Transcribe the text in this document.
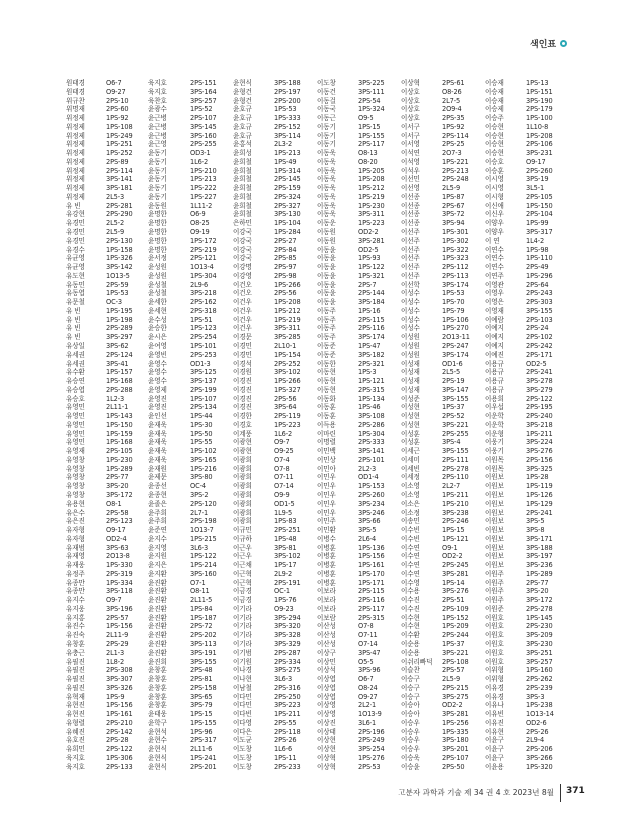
색인표
원태경	O6-7	육지호	2PS-151 윤현식	3PS-188 이도창	3PS-225 이상혁	2PS-61	이승재	1PS-13
원태경	O9-27	육지호	3PS-164 윤형건	2PS-197 이동건	3PS-111 이상호	O8-26	이승재	1PS-151
위규찬	2PS-10	육찬호	3PS-257 윤형건	2PS-200 이동걸	2PS-54	이상호	2L7-5	이승재	3PS-190
위명재	2PS-60	윤광수	1PS-52	윤호규	1PS-53	이동국	1PS-324 이상호	2O9-4	이승제	2PS-179
위정제	1PS-92	윤근병	2PS-107 윤호규	1PS-333 이동근	O9-5	이상호	2PS-35	이승주	1PS-100
위정제	1PS-108 윤근병	3PS-145 윤호규	2PS-152 이동기	1PS-15	이서구	1PS-92	이승현	1L10-8
위정제	1PS-249 윤근병	3PS-160 윤호규	3PS-114 이동기	1PS-155 이서구	2PS-114 이승현	1PS-208
위정제	1PS-251 윤근영	2PS-255 윤홍석	2L3-2	이동기	2PS-117 이서영	2PS-25	이승현	2PS-106
위정제	1PS-252 윤동기	OD3-1	윤희성	1PS-213 이동욱	O8-13	이석연	2O7-3	이승현	3PS-231
위정제	2PS-89	윤동기	1L6-2	윤희철	1PS-49	이동욱	O8-20	이석영	1PS-221 이승호	O9-17
위정제	2PS-114 윤동기	1PS-210 윤희철	1PS-314 이동욱	1PS-205 이석우	2PS-213 이승훈	2PS-260
위정제	3PS-141 윤동기	1PS-213 윤희철	2PS-145 이동욱	1PS-208 이선민	2PS-248 이시영	3PS-19
위정제	3PS-181 윤동기	1PS-222 윤희철	2PS-159 이동욱	1PS-212 이선영	2L5-9	이시영	3L5-1
위정제	2L5-3	윤동기	1PS-227 윤희철	2PS-324 이동욱	1PS-219 이선종	1PS-87	이시형	2PS-105
유 빈	2PS-281 윤동원	1L11-2	윤희철	2PS-327 이동욱	1PS-230 이선종	2PS-67	이신애	1PS-150
유강현	2PS-290 윤명한	O6-9	윤희철	3PS-130 이동욱	3PS-311 이선종	3PS-72	이신우	2PS-104
유경민	2L5-2	윤명한	O8-25	은하민	1PS-104 이동운	1PS-223 이선종	3PS-94	이양우	1PS-99
유경민	2L5-9	윤명한	O9-19	이강국	1PS-284 이동원	OD2-2	이선주	1PS-301 이양우	3PS-317
유경민	2PS-130 윤명한	1PS-172 이강국	2PS-27	이동원	3PS-281 이선주	1PS-302 이 연	1L4-2
유경수	1PS-158 윤명한	2PS-219 이강국	2PS-84	이동윤	OD2-5	이선주	1PS-322 이연수	1PS-98
유균영	1PS-326 윤서정	2PS-121 이강국	2PS-85	이동윤	1PS-93	이선주	1PS-323 이연수	1PS-110
유균영	3PS-142 윤성원	1O13-4	이강명	2PS-97	이동윤	1PS-122 이선주	2PS-112 이연수	2PS-49
유도현	1O13-5	윤성원	1PS-304 이강영	2PS-98	이동윤	1PS-321 이선주	2PS-113 이연주	1PS-296
유동민	2PS-59	윤성철	2L9-6	이건오	1PS-266 이동윤	2PS-7	이선학	3PS-174 이영관	2PS-64
유동엽	1PS-53	윤성철	3PS-218 이건오	2PS-56	이동윤	2PS-144 이성수	1PS-53	이영우	2PS-243
유문철	OC-3	윤세한	2PS-162 이건우	1PS-208 이동윤	3PS-184 이성수	1PS-70	이영은	2PS-303
유 빈	1PS-195 윤세현	2PS-318 이건우	1PS-212 이동주	1PS-16	이성수	1PS-79	이영재	3PS-155
유 빈	1PS-198 윤수성	1PS-51	이건우	1PS-219 이동주	2PS-115 이성수	1PS-106 이예람	2PS-103
유 빈	2PS-289 윤승한	1PS-123 이건우	3PS-311 이동주	2PS-116 이성수	1PS-270 이예지	2PS-24
유 빈	3PS-297 윤시은	2PS-254 이경문	3PS-285 이동주	3PS-174 이성원	2O13-11 이예지	2PS-102
유상일	3PS-62	윤여영	1PS-101 이경민	2L10-1	이동준	1PS-47	이성원	2PS-247 이예지	2PS-242
유세권	2PS-124 윤영빈	2PS-253 이경민	1PS-154 이동준	3PS-182 이성원	3PS-174 이예진	2PS-171
유세권	3PS-41	윤영수	OD1-3	이경석	2PS-252 이동한	2PS-321 이성재	OD1-6	이용규	OD2-5
유수환	1PS-157 윤영수	3PS-125 이경원	3PS-102 이동현	1PS-3	이성재	2L5-5	이용규	2PS-241
유승연	1PS-168 윤영수	3PS-137 이경진	1PS-266 이동현	1PS-121 이성재	2PS-19	이용규	3PS-278
유승엽	2PS-288 윤영제	2PS-199 이경진	1PS-327 이동현	2PS-315 이성재	3PS-147 이용규	3PS-279
유승호	1L2-3	윤영진	1PS-107 이경진	2PS-56	이동화	1PS-134 이성준	3PS-155 이용희	2PS-122
유영민	2L11-1	윤영진	2PS-134 이경진	3PS-64	이동훈	1PS-46	이성현	1PS-37	이우섭	2PS-195
유영민	1PS-143 윤인선	1PS-44	이경한	2PS-119 이동훈	3PS-108 이성현	2PS-52	이운학	2PS-240
유영민	1PS-150 윤재욱	1PS-30	이경호	1PS-223 이득용	2PS-286 이성현	3PS-221 이운학	3PS-218
유영민	1PS-159 윤재욱	1PS-50	이계풍	1L6-2	이마린	1PS-304 이성훈	2PS-255 이운형	1PS-211
유영민	1PS-168 윤재욱	1PS-55	이광현	O9-7	이명렬	2PS-333 이성훈	3PS-4	이웅기	3PS-224
유영재	2PS-105 윤재욱	1PS-102 이광현	O9-25	이민백	3PS-141 이세근	3PS-155 이웅기	3PS-276
유영창	1PS-230 윤재욱	3PS-165 이광희	O7-4	이민상	2PS-101 이세미	2PS-111 이원목	2PS-156
유영창	1PS-289 윤재원	1PS-216 이광희	O7-8	이민아	2L2-3	이세빈	2PS-278 이원목	3PS-325
유영창	2PS-77	윤제문	3PS-80	이광희	O7-11	이민우	OD1-4	이세정	2PS-110 이원보	1PS-28
유영창	3PS-20	윤종선	OC-4	이광희	O7-14	이민우	1PS-153 이소영	2L2-7	이원보	1PS-119
유영창	3PS-172 윤종현	3PS-2	이광희	O9-9	이민우	2PS-260 이소영	1PS-211 이원보	1PS-126
유용현	O8-1	윤졸은	2PS-120 이광희	OD1-5	이민우	3PS-234 이소은	1PS-210 이원보	1PS-129
유은수	2PS-58	윤주희	2L7-1	이광희	1L9-5	이민우	3PS-246 이소정	3PS-238 이원보	2PS-241
유은진	2PS-123 윤주희	2PS-198 이광희	1PS-83	이민주	3PS-66	이송민	2PS-246 이원보	3PS-5
유자형	O9-17	윤준연	1O13-7	이규민	2PS-251 이민환	3PS-5	이수빈	1PS-15	이원보	3PS-8
유자형	OD2-4	윤지수	1PS-215 이규하	1PS-48	이병수	2L6-4	이수빈	1PS-121 이원보	3PS-171
유재범	3PS-63	윤지영	3L6-3	이근우	3PS-81	이병훈	1PS-136 이수연	O9-1	이원보	3PS-188
유재영	2O13-8	윤지원	1PS-122 이근우	3PS-102 이병훈	1PS-156 이수연	OD2-2	이원보	3PS-197
유재웅	1PS-330 윤지은	1PS-214 이근채	1PS-17	이병훈	1PS-161 이수연	2PS-245 이원보	3PS-236
유정주	2PS-319 윤지환	3PS-160 이근혁	2L9-2	이병훈	1PS-170 이수연	3PS-281 이원주	1PS-289
유종만	1PS-334 윤진환	O7-1	이근혁	2PS-191 이병훈	1PS-171 이수영	1PS-14	이원주	2PS-77
유종만	3PS-118 윤진환	O8-11	이금경	OC-1	이보라	2PS-115 이수용	3PS-276 이원주	3PS-20
유지수	O9-7	윤진환	2L11-5	이금경	1PS-76	이보라	2PS-116 이수진	2PS-51	이원주	3PS-172
유지웅	3PS-196 윤진환	1PS-84	이기라	O9-23	이보라	2PS-117 이수진	2PS-109 이원준	2PS-278
유지홍	2PS-57	윤진환	1PS-187 이기라	3PS-294 이보람	2PS-315 이수현	1PS-152 이원호	1PS-145
유진수	1PS-156 윤진환	2PS-72	이기라	3PS-320 이산성	O7-8	이수현	1PS-209 이원호	2PS-230
유진숙	2L11-9	윤진환	2PS-202 이기라	3PS-328 이산성	O7-11	이수환	2PS-244 이원호	3PS-209
유창훈	2PS-29	윤진환	3PS-113 이기라	3PS-329 이산성	O7-14	이순용	1PS-37	이원호	3PS-230
유충근	2L1-3	윤진환	3PS-191 이기범	2PS-287 이상구	3PS-47	이순용	3PS-221 이원호	3PS-251
유필진	1L8-2	윤진희	3PS-155 이기원	2PS-334 이상민	O5-5	이쉬리빠덕 2PS-108 이원호	3PS-257
유필진	2PS-308 윤창훈	2PS-48	이나경	3PS-275 이상석	3PS-96	이슬찬	2PS-57	이위형	1PS-160
유필진	3PS-307 윤창훈	2PS-81	이나현	3L6-3	이상엽	O6-7	이승구	2L5-9	이위형	2PS-262
유필진	3PS-326 윤창훈	2PS-158 이남철	2PS-316 이상엽	O8-24	이승구	2PS-215 이유경	2PS-239
유혁재	1PS-9	윤창훈	3PS-65	이다민	2PS-250 이상엽	O9-27	이승구	3PS-275 이유경	3PS-3
유현진	1PS-156 윤창훈	3PS-79	이다민	3PS-223 이상영	2L2-1	이승아	OD2-2	이유나	1PS-238
유현진	1PS-161 윤태웅	1PS-15	이다빈	1PS-211 이상영	1O13-9	이승아	3PS-281 이유빈	1O13-14
유형렬	2PS-210 윤학구	1PS-155 이다영	2PS-55	이상진	3L6-1	이승우	1PS-256 이유진	OD2-6
유혜진	2PS-142 윤현석	1PS-96	이다은	2PS-118 이상태	2PS-196 이승우	1PS-335 이유현	2PS-26
유호진	2PS-28	윤현수	2PS-317 이도균	2PS-26	이상현	2PS-249 이승우	3PS-180 이윤구	2L9-4
유희민	2PS-122 윤현식	2L11-6	이도창	1L6-6	이상현	3PS-254 이승우	3PS-201 이윤구	2PS-206
육지호	1PS-306 윤현식	1PS-241 이도창	1PS-11	이상혁	1PS-276 이승욱	2PS-107 이윤구	3PS-266
육지호	2PS-133 윤현식	2PS-201 이도창	2PS-233 이상혁	2PS-53	이승윤	2PS-50	이윤용	1PS-320
고분자 과학과 기술 제 34 권 4 호 2023년 8월 371
